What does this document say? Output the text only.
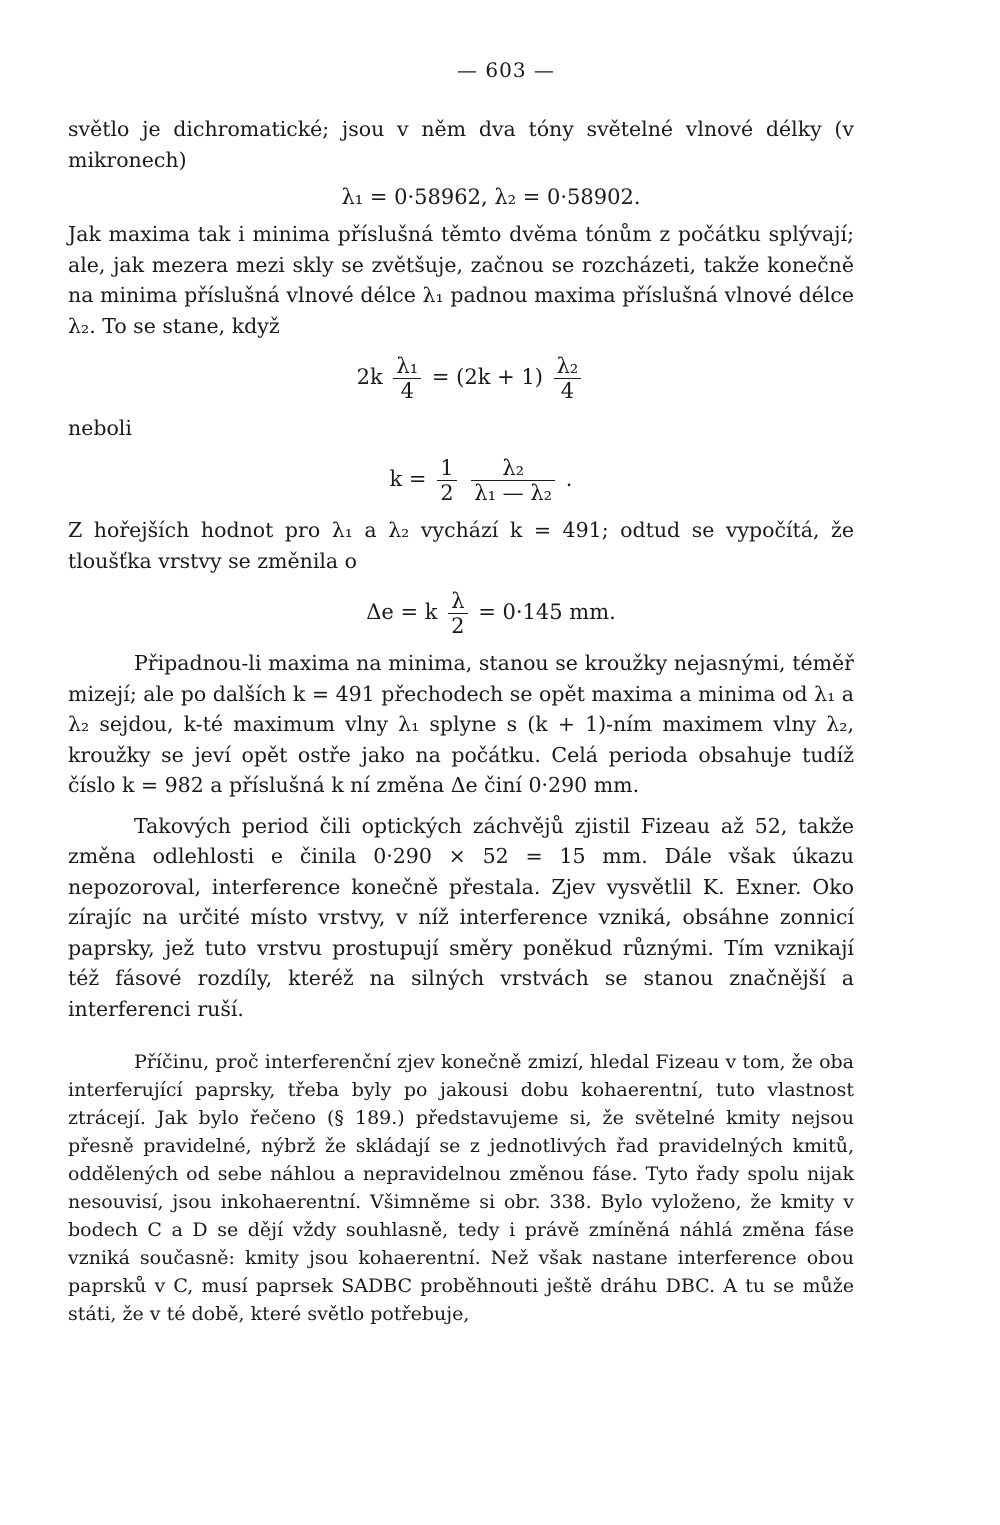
— 603 —

světlo je dichromatické; jsou v něm dva tóny světelné vlnové délky (v mikronech)

λ₁ = 0·58962, λ₂ = 0·58902.

Jak maxima tak i minima příslušná těmto dvěma tónům z počátku splývají; ale, jak mezera mezi skly se zvětšuje, začnou se rozcházeti, takže konečně na minima příslušná vlnové délce λ₁ padnou maxima příslušná vlnové délce λ₂. To se stane, když

$2k \frac{\text{λ₁}}{4} = (2k + 1) \frac{\text{λ₂}}{4}$
neboli
$k = \frac{1}{2}$
$\frac{\text{λ₂}}{\text{λ₁ — λ₂}}$ .

Z hořejších hodnot pro λ₁ a λ₂ vychází k = 491; odtud se vypočítá, že tloušťka vrstvy se změnila o

Δe = k $\frac{\lambda}{2} = 0\cdot 145$ mm.

Připadnou-li maxima na minima, stanou se kroužky nejasnými, téměř mizejí; ale po dalších k = 491 přechodech se opět maxima a minima od λ₁ a λ₂ sejdou, k-té maximum vlny λ₁ splyne s (k + 1)-ním maximem vlny λ₂, kroužky se jeví opět ostře jako na počátku. Celá perioda obsahuje tudíž číslo k = 982 a příslušná k ní změna Δe činí 0·290 mm.

Takových period čili optických záchvějů zjistil Fizeau až 52, takže změna odlehlosti e činila 0·290 × 52 = 15 mm. Dále však úkazu nepozoroval, interference konečně přestala. Zjev vysvětlil K. Exner. Oko zírajíc na určité místo vrstvy, v níž interference vzniká, obsáhne zonnicí paprsky, jež tuto vrstvu prostupují směry poněkud různými. Tím vznikají též fásové rozdíly, kteréž na silných vrstvách se stanou značnější a interferenci ruší.

Příčinu, proč interferenční zjev konečně zmizí, hledal Fizeau v tom, že oba interferující paprsky, třeba byly po jakousi dobu kohaerentní, tuto vlastnost ztrácejí. Jak bylo řečeno (§ 189.) představujeme si, že světelné kmity nejsou přesně pravidelné, nýbrž že skládají se z jednotlivých řad pravidelných kmitů, oddělených od sebe náhlou a nepravidelnou změnou fáse. Tyto řady spolu nijak nesouvisí, jsou inkohaerentní. Všimněme si obr. 338. Bylo vyloženo, že kmity v bodech C a D se dějí vždy souhlasně, tedy i právě zmíněná náhlá změna fáse vzniká současně: kmity jsou kohaerentní. Než však nastane interference obou paprsků v C, musí paprsek SADBC proběhnouti ještě dráhu DBC. A tu se může státi, že v té době, které světlo potřebuje,
